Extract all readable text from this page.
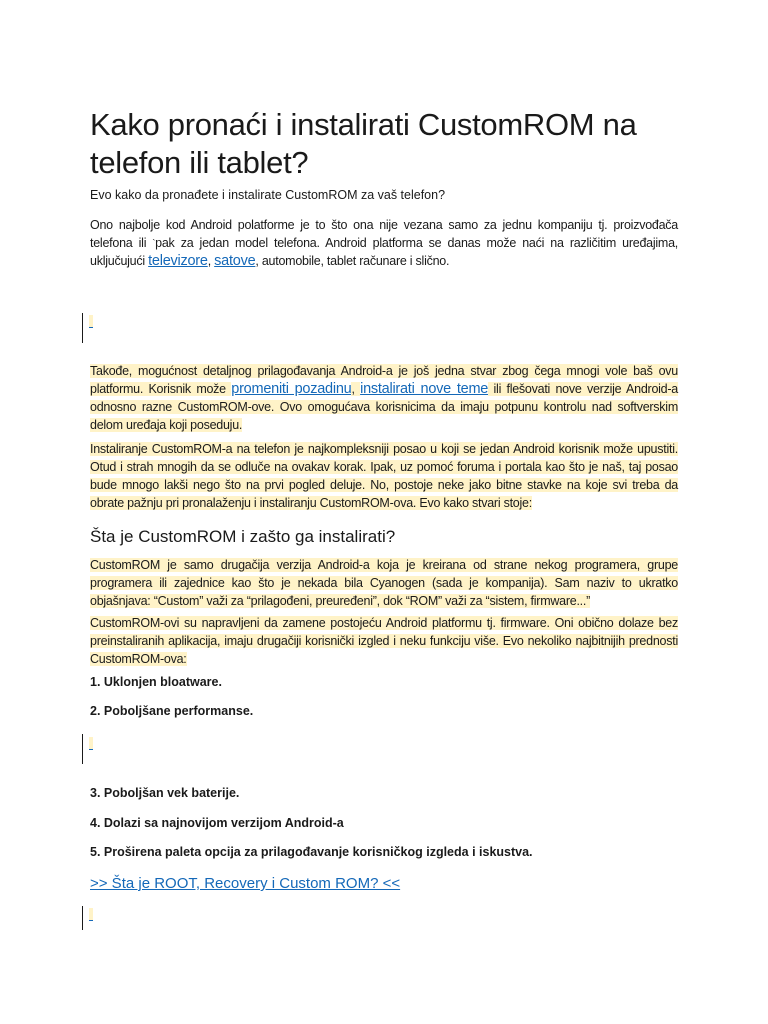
Kako pronaći i instalirati CustomROM na telefon ili tablet?
Evo kako da pronađete i instalirate CustomROM za vaš telefon?

Ono najbolje kod Android polatforme je to što ona nije vezana samo za jednu kompaniju tj. proizvođača telefona ili `pak za jedan model telefona. Android platforma se danas može naći na različitim uređajima, uključujući televizore, satove, automobile, tablet računare i slično.

Takođe, mogućnost detaljnog prilagođavanja Android-a je još jedna stvar zbog čega mnogi vole baš ovu platformu. Korisnik može promeniti pozadinu, instalirati nove teme ili flešovati nove verzije Android-a odnosno razne CustomROM-ove. Ovo omogućava korisnicima da imaju potpunu kontrolu nad softverskim delom uređaja koji poseduju.

Instaliranje CustomROM-a na telefon je najkompleksniji posao u koji se jedan Android korisnik može upustiti. Otud i strah mnogih da se odluče na ovakav korak. Ipak, uz pomoć foruma i portala kao što je naš, taj posao bude mnogo lakši nego što na prvi pogled deluje. No, postoje neke jako bitne stavke na koje svi treba da obrate pažnju pri pronalaženju i instaliranju CustomROM-ova. Evo kako stvari stoje:

Šta je CustomROM i zašto ga instalirati?

CustomROM je samo drugačija verzija Android-a koja je kreirana od strane nekog programera, grupe programera ili zajednice kao što je nekada bila Cyanogen (sada je kompanija). Sam naziv to ukratko objašnjava: “Custom” važi za “prilagođeni, preuređeni”, dok “ROM” važi za “sistem, firmware...”

CustomROM-ovi su napravljeni da zamene postojeću Android platformu tj. firmware. Oni obično dolaze bez preinstaliranih aplikacija, imaju drugačiji korisnički izgled i neku funkciju više. Evo nekoliko najbitnijih prednosti CustomROM-ova:

1. Uklonjen bloatware.
2. Poboljšane performanse.
3. Poboljšan vek baterije.
4. Dolazi sa najnovijom verzijom Android-a
5. Proširena paleta opcija za prilagođavanje korisničkog izgleda i iskustva.
>> Šta je ROOT, Recovery i Custom ROM? <<
